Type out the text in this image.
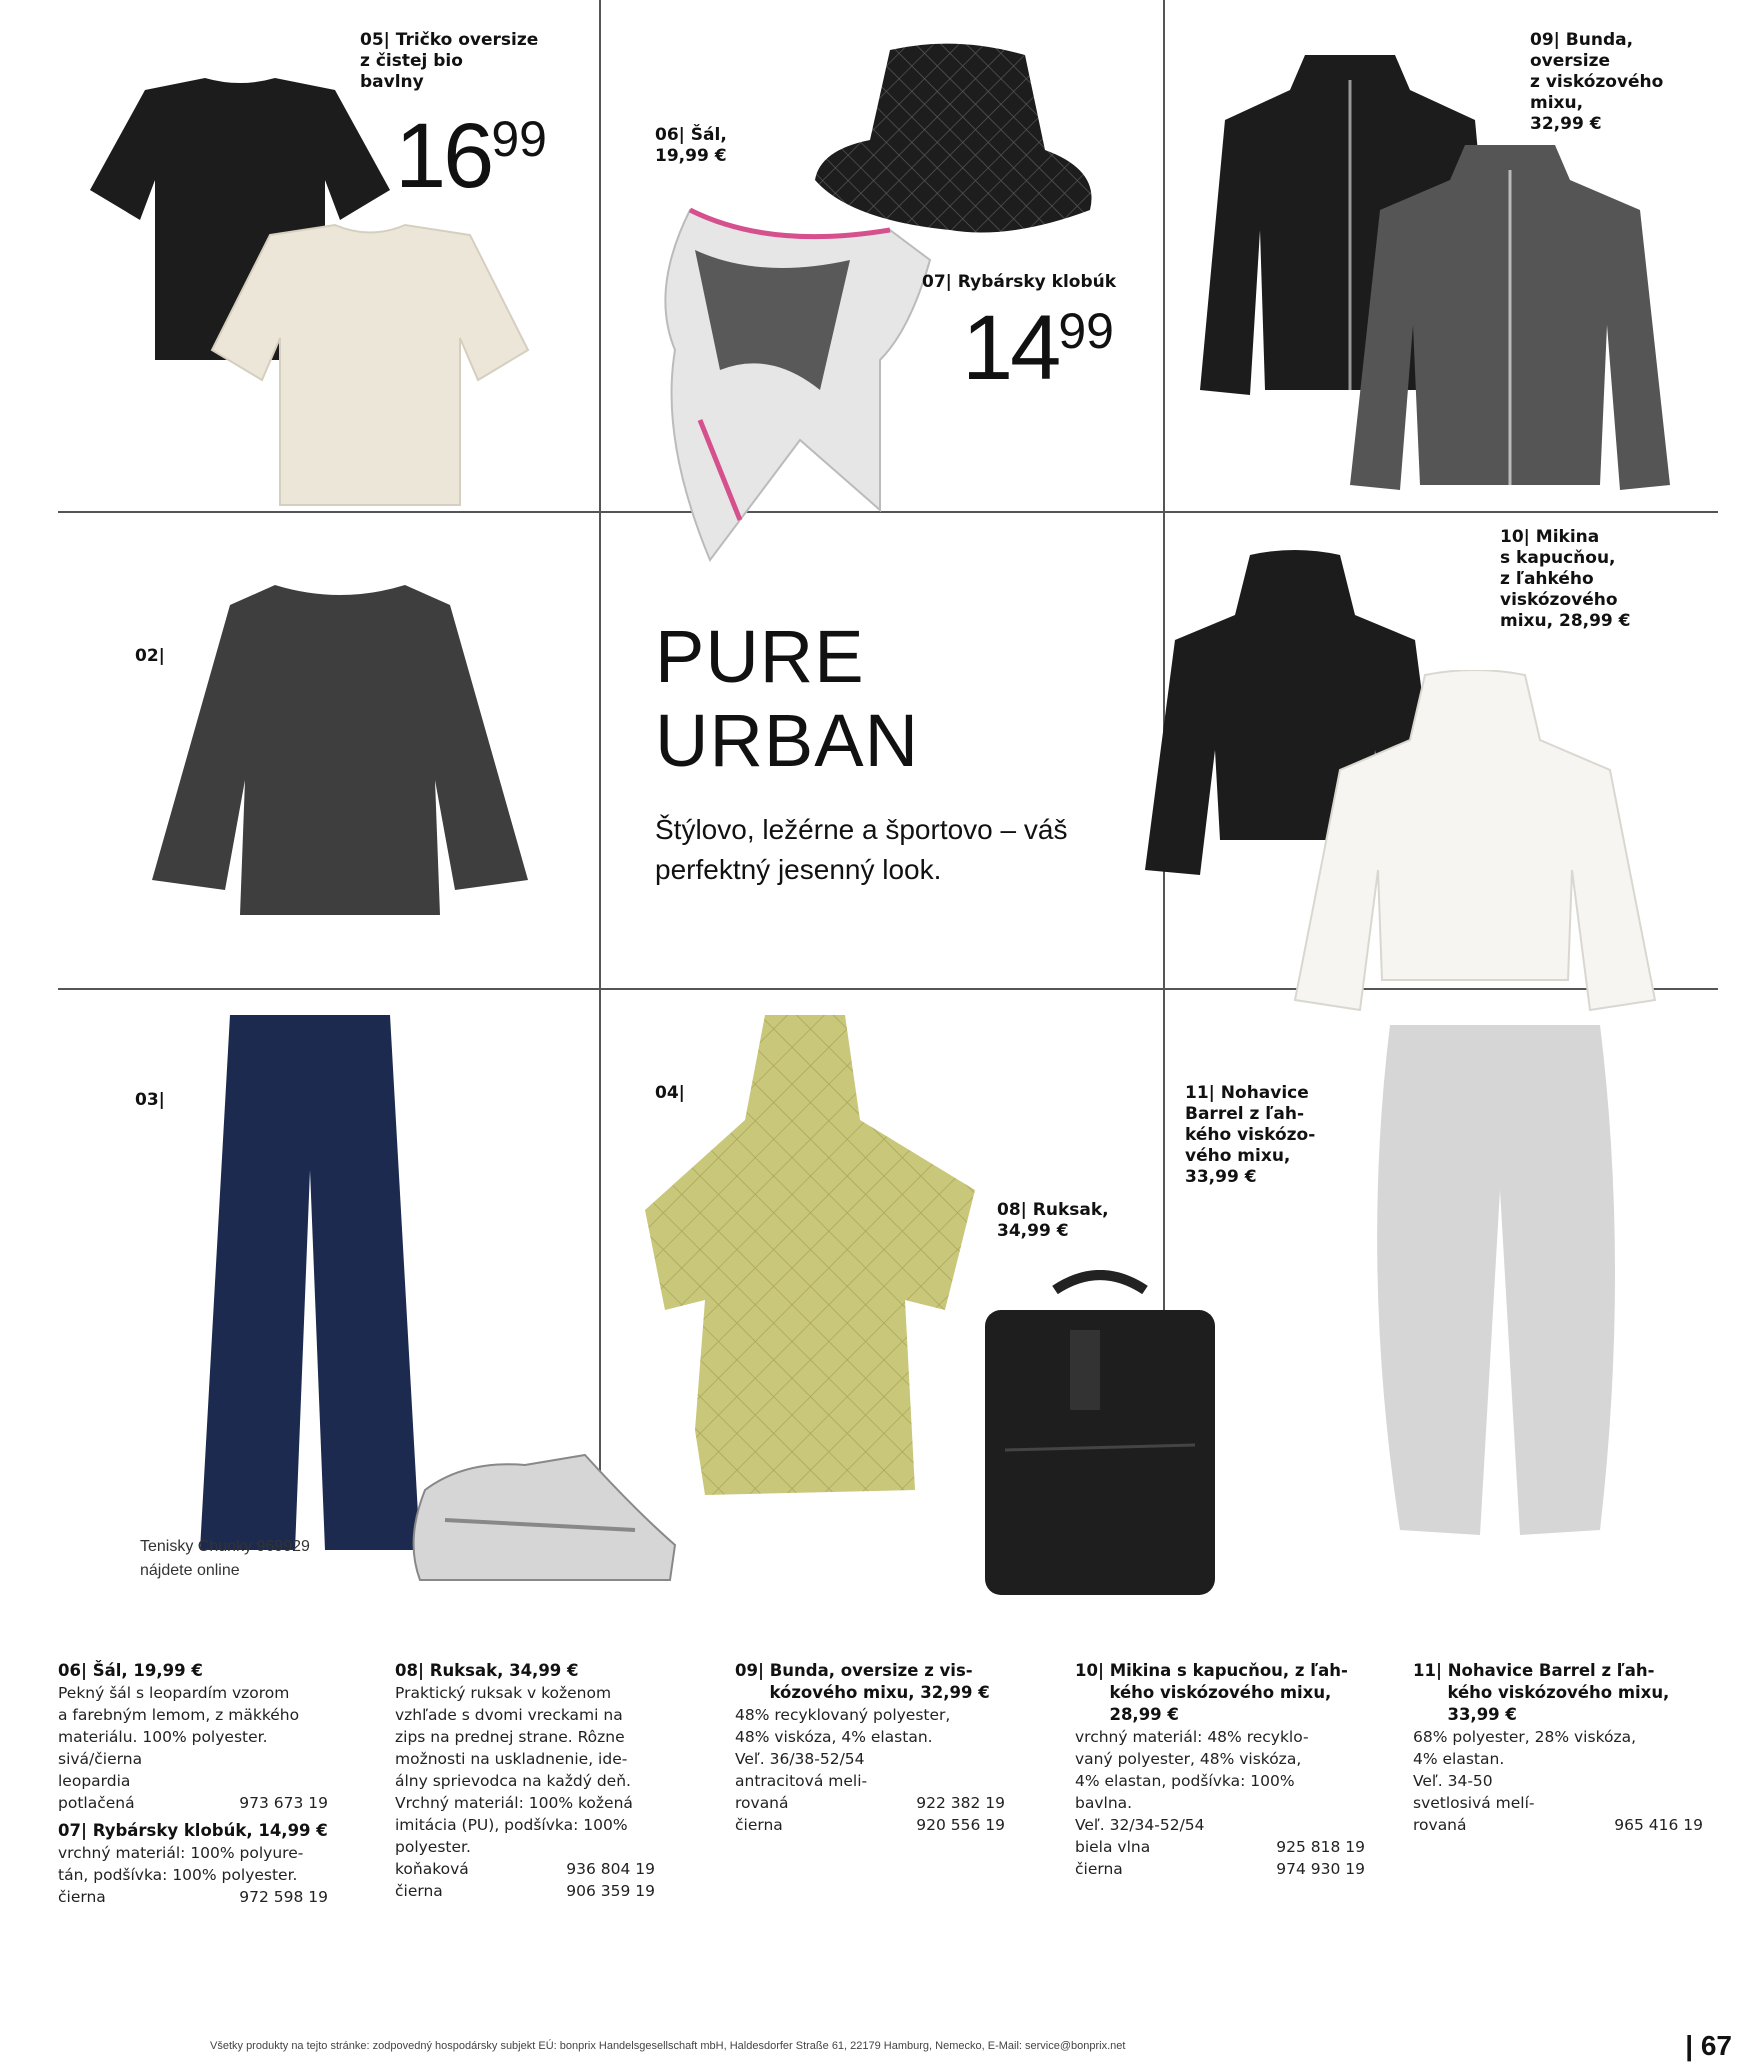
05| Tričko oversize
z čistej bio
bavlny
1699	06| Šál,
19,99 €
07| Rybársky klobúk
1499
09| Bunda,
oversize
z viskózového
mixu,
32,99 €
02|	PURE
URBAN
Štýlovo, ležérne a športovo – váš
perfektný jesenný look.
10| Mikina
s kapucňou,
z ľahkého
viskózového
mixu, 28,99 €
03|
Tenisky Chunky 969929
nájdete online
04|
08| Ruksak,
34,99 €
11| Nohavice
Barrel z ľah-
kého viskózo-
vého mixu,
33,99 €
06| Šál, 19,99 €
Pekný šál s leopardím vzorom
a farebným lemom, z mäkkého
materiálu. 100% polyester.
sivá/čierna
leopardia
potlačená	973 673 19
07| Rybársky klobúk, 14,99 €
vrchný materiál: 100% polyure-
tán, podšívka: 100% polyester.
čierna	972 598 19
08| Ruksak, 34,99 €
Praktický ruksak v koženom
vzhľade s dvomi vreckami na
zips na prednej strane. Rôzne
možnosti na uskladnenie, ide-
álny sprievodca na každý deň.
Vrchný materiál: 100% kožená
imitácia (PU), podšívka: 100%
polyester.
koňaková	936 804 19
čierna	906 359 19
09| Bunda, oversize z vis-
kózového mixu, 32,99 €
48% recyklovaný polyester,
48% viskóza, 4% elastan.
Veľ. 36/38-52/54
antracitová meli-
rovaná	922 382 19
čierna	920 556 19
10| Mikina s kapucňou, z ľah-
kého viskózového mixu,
28,99 €
vrchný materiál: 48% recyklo-
vaný polyester, 48% viskóza,
4% elastan, podšívka: 100%
bavlna.
Veľ. 32/34-52/54
biela vlna	925 818 19
čierna	974 930 19
11| Nohavice Barrel z ľah-
kého viskózového mixu,
33,99 €
68% polyester, 28% viskóza,
4% elastan.
Veľ. 34-50
svetlosivá melí-
rovaná	965 416 19
Všetky produkty na tejto stránke: zodpovedný hospodársky subjekt EÚ: bonprix Handelsgesellschaft mbH, Haldesdorfer Straße 61, 22179 Hamburg, Nemecko, E-Mail: service@bonprix.net	| 67
